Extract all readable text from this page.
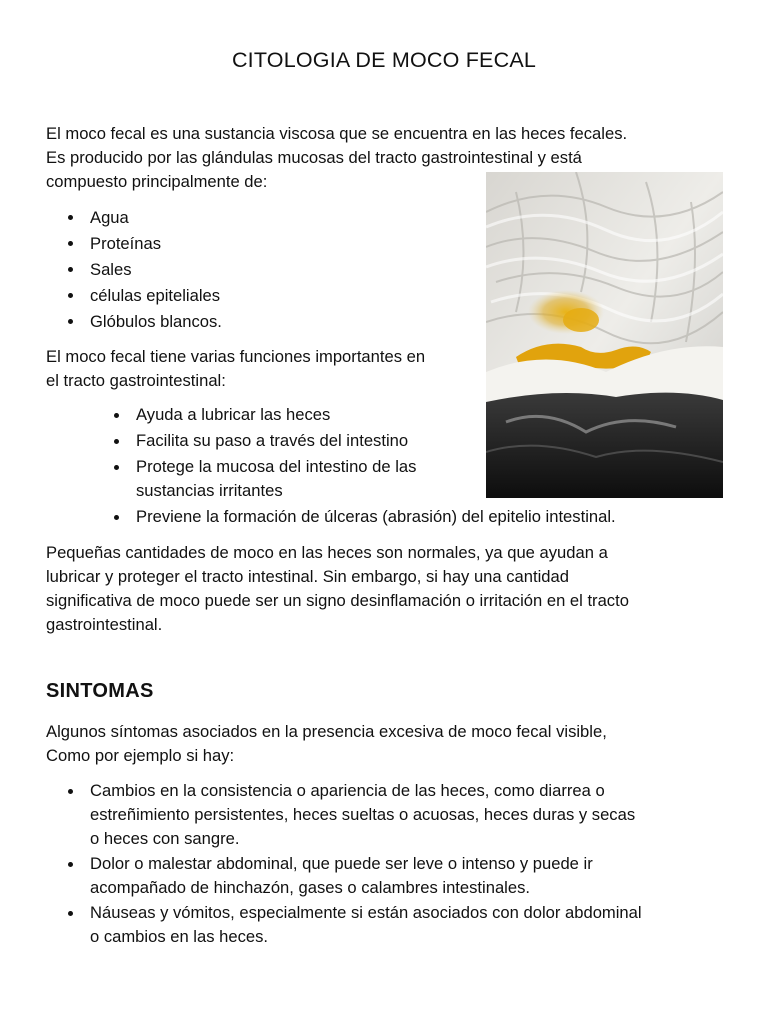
CITOLOGIA DE MOCO FECAL

El moco fecal es una sustancia viscosa que se encuentra en las heces fecales.
Es producido por las glándulas mucosas del tracto gastrointestinal y está
compuesto principalmente de:

Agua
Proteínas
Sales
células epiteliales
Glóbulos blancos.

El moco fecal tiene varias funciones importantes en
el tracto gastrointestinal:

Ayuda a lubricar las heces
Facilita su paso a través del intestino
Protege la mucosa del intestino de las
sustancias irritantes
Previene la formación de úlceras (abrasión) del epitelio intestinal.

Pequeñas cantidades de moco en las heces son normales, ya que ayudan a
lubricar y proteger el tracto intestinal. Sin embargo, si hay una cantidad
significativa de moco puede ser un signo desinflamación o irritación en el tracto
gastrointestinal.

SINTOMAS

Algunos síntomas asociados en la presencia excesiva de moco fecal visible,
Como por ejemplo si hay:

Cambios en la consistencia o apariencia de las heces, como diarrea o
estreñimiento persistentes, heces sueltas o acuosas, heces duras y secas
o heces con sangre.
Dolor o malestar abdominal, que puede ser leve o intenso y puede ir
acompañado de hinchazón, gases o calambres intestinales.
Náuseas y vómitos, especialmente si están asociados con dolor abdominal
o cambios en las heces.
